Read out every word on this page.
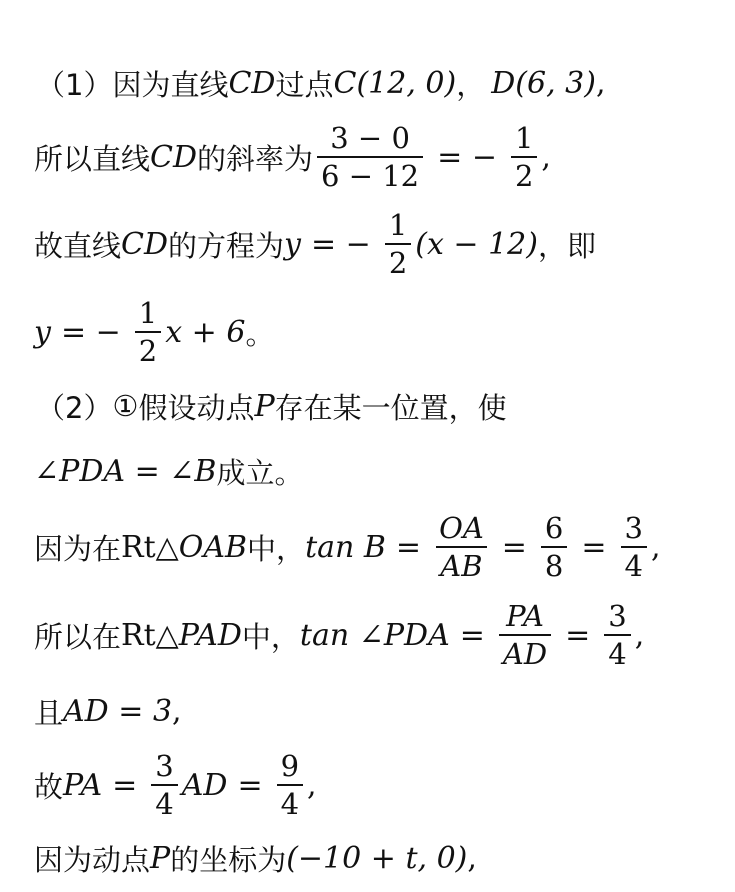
（1） 因为直线 CD 过点 C(12, 0) ， D(6, 3) ,
所以直线 CD 的斜率为 $\frac{3 - 0}{6 - 12}$ = − $\frac{1}{2}$ ,
故直线 CD 的方程为 y = − $\frac{1}{2} (x - 12)$ ，即
y = − $\frac{1}{2}$ x + 6 。
（2） ① 假设动点 P 存在某一位置，使
∠PDA = ∠B 成立。
因为在 Rt△ OAB 中， $\tan B = \frac{OA}{AB} = \frac{6}{8} = \frac{3}{4}$ ,
所以在 Rt△ PAD 中， tan ∠PDA = $\frac{PA}{AD} = \frac{3}{4}$ ,
且 AD = 3 ,
故 PA = $\frac{3}{4}$ AD = $\frac{9}{4}$ ,
因为动点 P 的坐标为 (−10 + t, 0) ,
